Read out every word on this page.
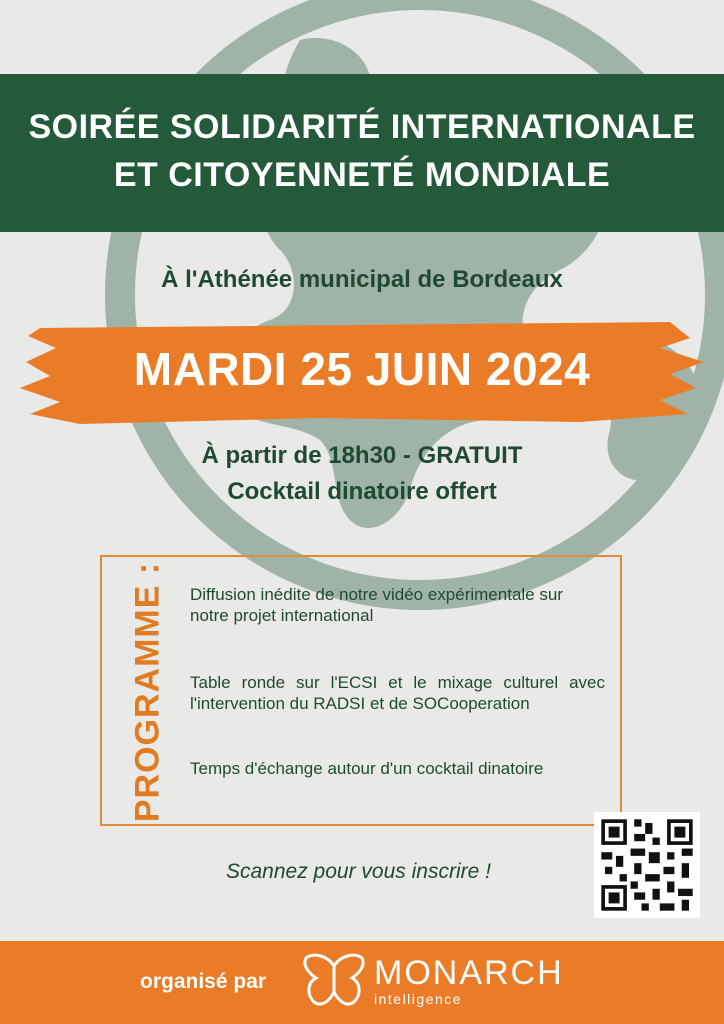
SOIRÉE SOLIDARITÉ INTERNATIONALE
ET CITOYENNETÉ MONDIALE
À l'Athénée municipal de Bordeaux
MARDI 25 JUIN 2024
À partir de 18h30 - GRATUIT
Cocktail dinatoire offert
PROGRAMME : Diffusion inédite de notre vidéo expérimentale sur notre projet international
Table ronde sur l'ECSI et le mixage culturel avec l'intervention du RADSI et de SOCooperation
Temps d'échange autour d'un cocktail dinatoire
Scannez pour vous inscrire !
organisé par	MONARCH
intelligence
